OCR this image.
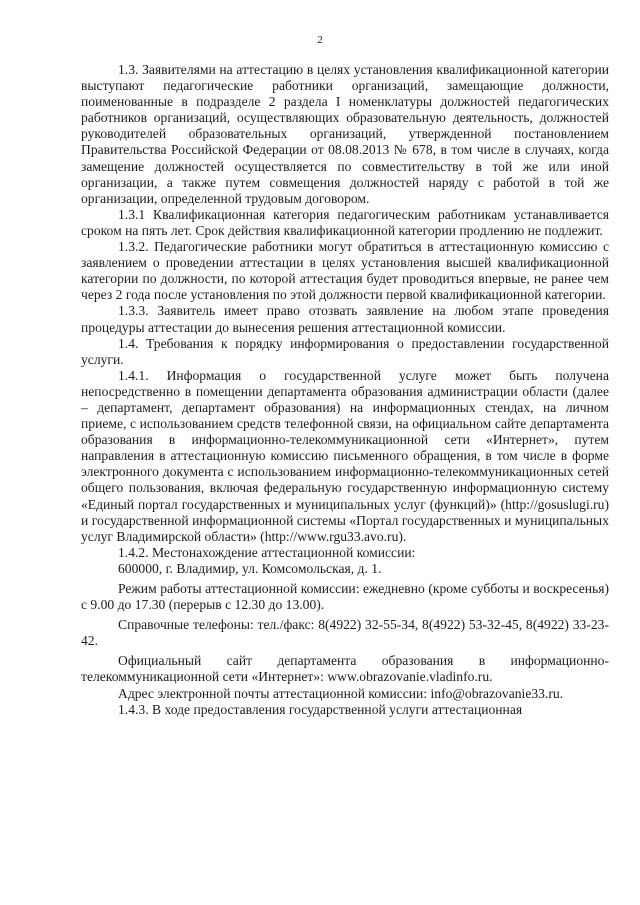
2

1.3. Заявителями на аттестацию в целях установления квалификационной категории выступают педагогические работники организаций, замещающие должности, поименованные в подразделе 2 раздела I номенклатуры должностей педагогических работников организаций, осуществляющих образовательную деятельность, должностей руководителей образовательных организаций, утвержденной постановлением Правительства Российской Федерации от 08.08.2013 № 678, в том числе в случаях, когда замещение должностей осуществляется по совместительству в той же или иной организации, а также путем совмещения должностей наряду с работой в той же организации, определенной трудовым договором.

1.3.1 Квалификационная категория педагогическим работникам устанавливается сроком на пять лет. Срок действия квалификационной категории продлению не подлежит.

1.3.2. Педагогические работники могут обратиться в аттестационную комиссию с заявлением о проведении аттестации в целях установления высшей квалификационной категории по должности, по которой аттестация будет проводиться впервые, не ранее чем через 2 года после установления по этой должности первой квалификационной категории.

1.3.3. Заявитель имеет право отозвать заявление на любом этапе проведения процедуры аттестации до вынесения решения аттестационной комиссии.

1.4. Требования к порядку информирования о предоставлении государственной услуги.

1.4.1. Информация о государственной услуге может быть получена непосредственно в помещении департамента образования администрации области (далее – департамент, департамент образования) на информационных стендах, на личном приеме, с использованием средств телефонной связи, на официальном сайте департамента образования в информационно-телекоммуникационной сети «Интернет», путем направления в аттестационную комиссию письменного обращения, в том числе в форме электронного документа с использованием информационно-телекоммуникационных сетей общего пользования, включая федеральную государственную информационную систему «Единый портал государственных и муниципальных услуг (функций)» (http://gosuslugi.ru) и государственной информационной системы «Портал государственных и муниципальных услуг Владимирской области» (http://www.rgu33.avo.ru).

1.4.2. Местонахождение аттестационной комиссии:

600000, г. Владимир, ул. Комсомольская, д. 1.

Режим работы аттестационной комиссии: ежедневно (кроме субботы и воскресенья) с 9.00 до 17.30 (перерыв с 12.30 до 13.00).

Справочные телефоны: тел./факс: 8(4922) 32-55-34, 8(4922) 53-32-45, 8(4922) 33-23-42.

Официальный сайт департамента образования в информационно-телекоммуникационной сети «Интернет»: www.obrazovanie.vladinfo.ru.

Адрес электронной почты аттестационной комиссии: info@obrazovanie33.ru.

1.4.3. В ходе предоставления государственной услуги аттестационная
